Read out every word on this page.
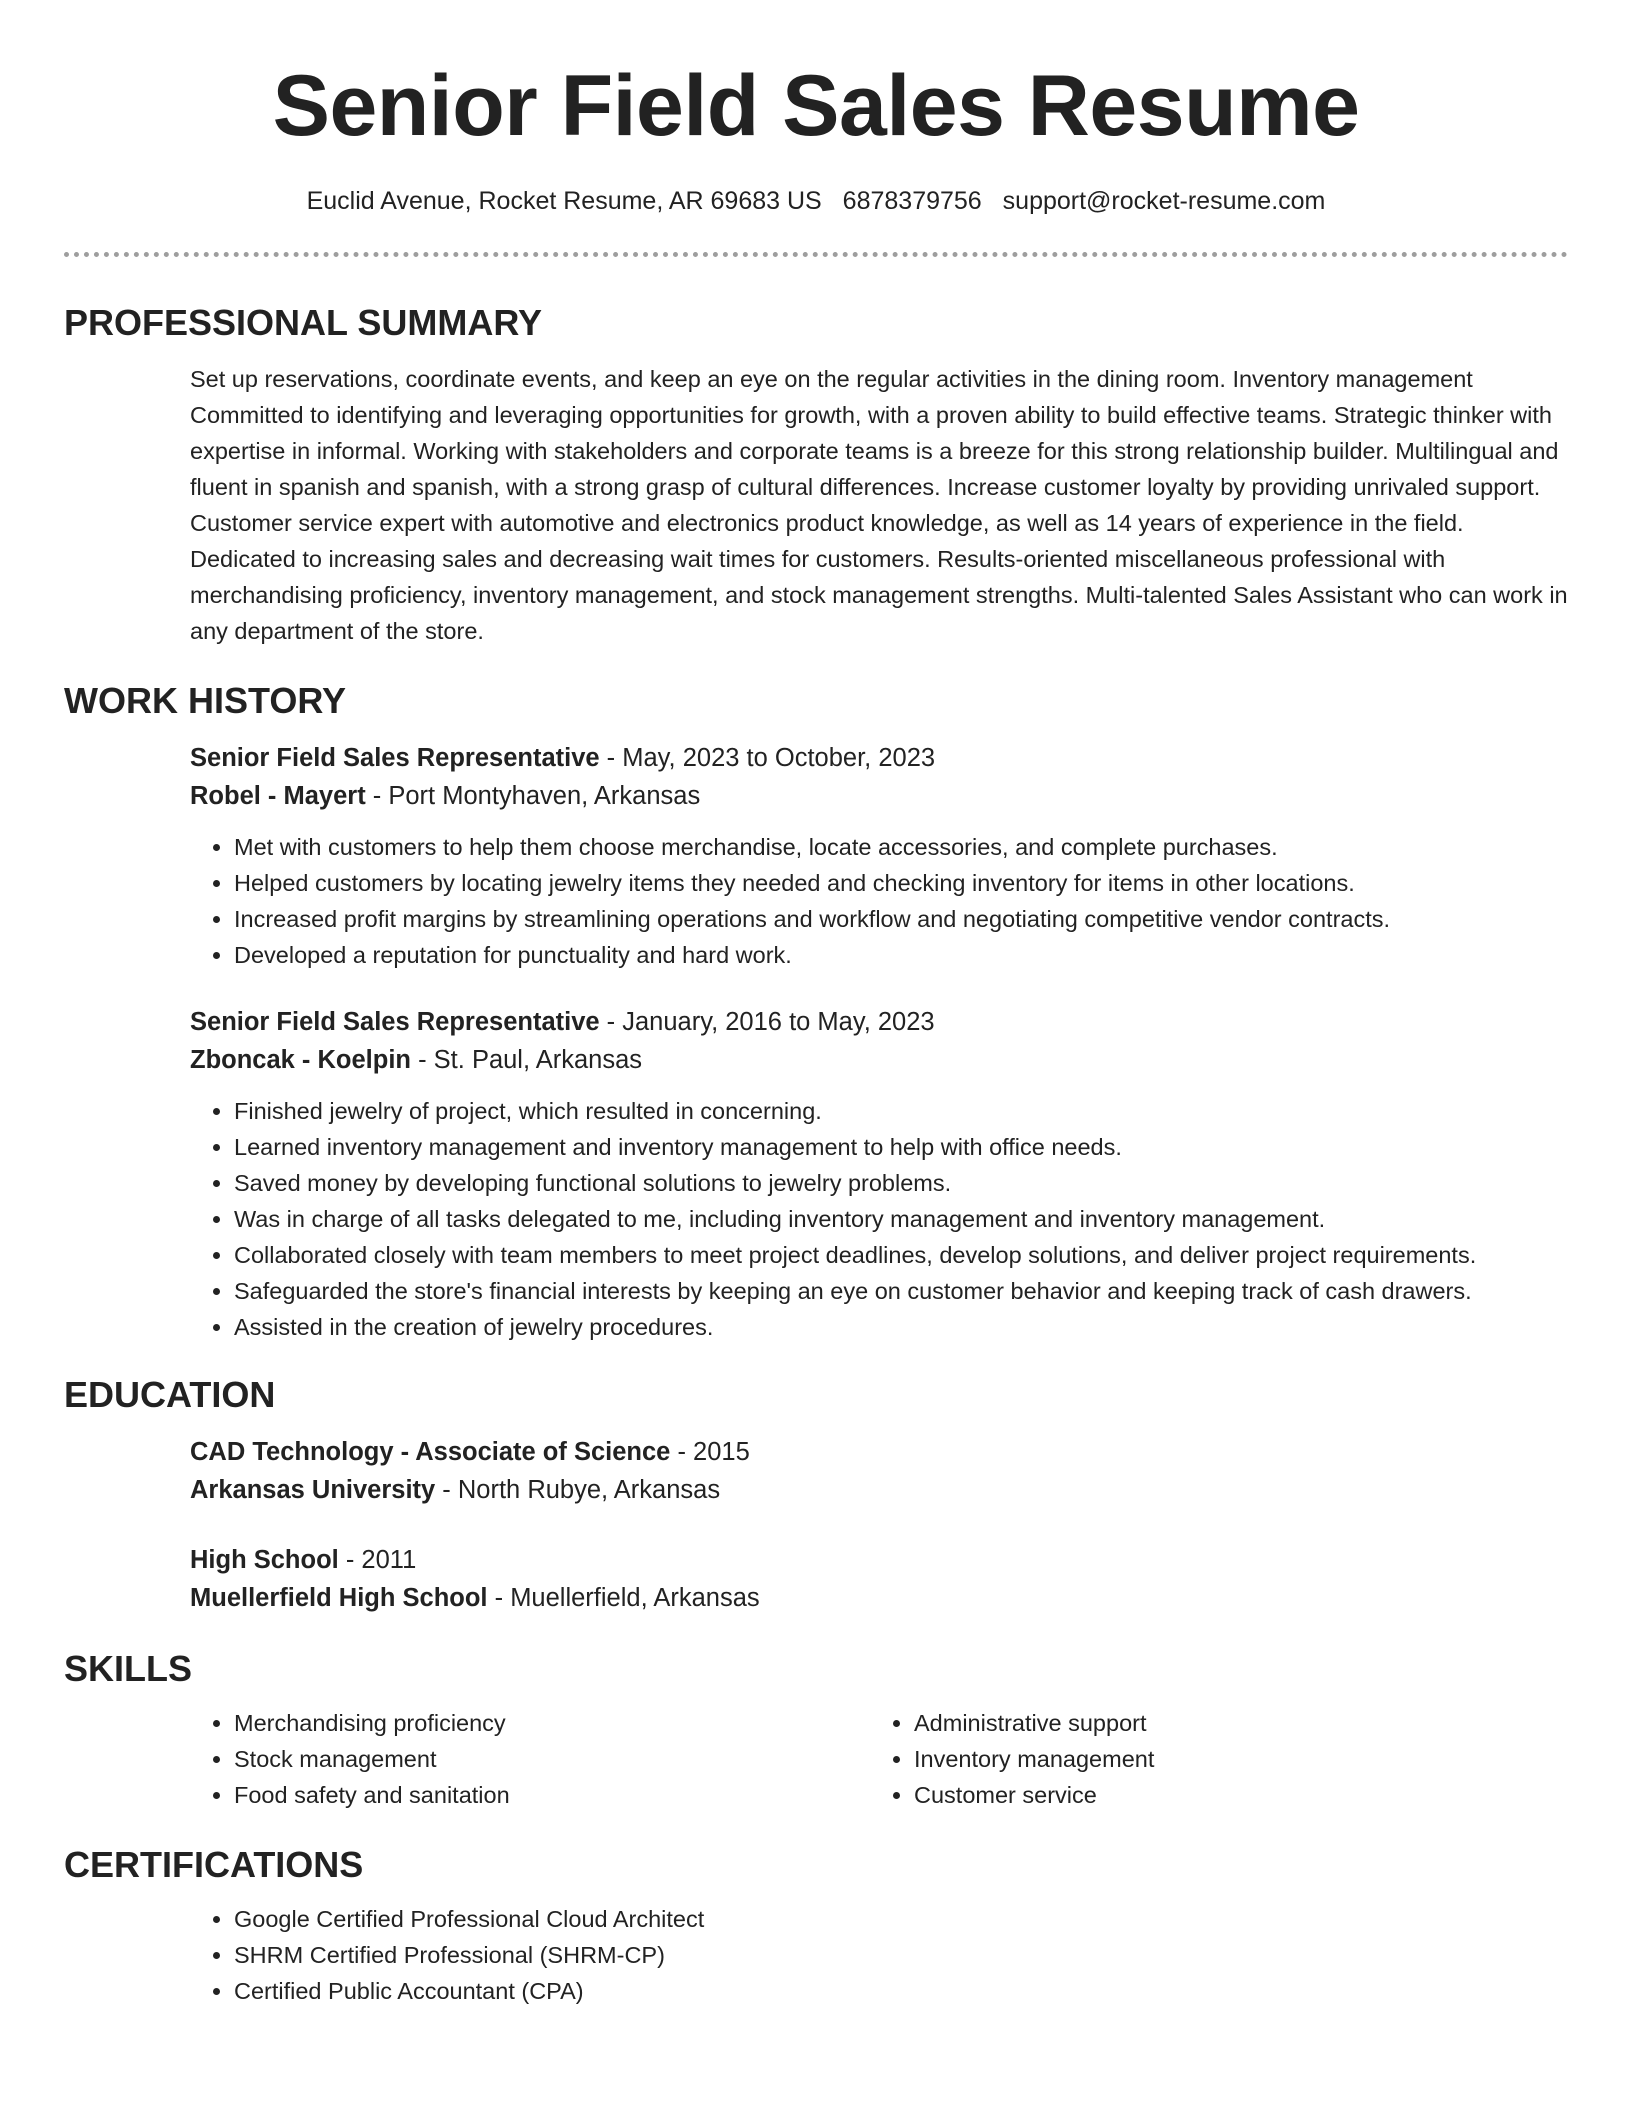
Senior Field Sales Resume
Euclid Avenue, Rocket Resume, AR 69683 US 6878379756 support@rocket-resume.com
PROFESSIONAL SUMMARY

Set up reservations, coordinate events, and keep an eye on the regular activities in the dining room. Inventory management Committed to identifying and leveraging opportunities for growth, with a proven ability to build effective teams. Strategic thinker with expertise in informal. Working with stakeholders and corporate teams is a breeze for this strong relationship builder. Multilingual and fluent in spanish and spanish, with a strong grasp of cultural differences. Increase customer loyalty by providing unrivaled support. Customer service expert with automotive and electronics product knowledge, as well as 14 years of experience in the field. Dedicated to increasing sales and decreasing wait times for customers. Results-oriented miscellaneous professional with merchandising proficiency, inventory management, and stock management strengths. Multi-talented Sales Assistant who can work in any department of the store.

WORK HISTORY
Senior Field Sales Representative - May, 2023 to October, 2023
Robel - Mayert - Port Montyhaven, Arkansas
• Met with customers to help them choose merchandise, locate accessories, and complete purchases.
• Helped customers by locating jewelry items they needed and checking inventory for items in other locations.
• Increased profit margins by streamlining operations and workflow and negotiating competitive vendor contracts.
• Developed a reputation for punctuality and hard work.
Senior Field Sales Representative - January, 2016 to May, 2023
Zboncak - Koelpin - St. Paul, Arkansas
• Finished jewelry of project, which resulted in concerning.
• Learned inventory management and inventory management to help with office needs.
• Saved money by developing functional solutions to jewelry problems.
• Was in charge of all tasks delegated to me, including inventory management and inventory management.
• Collaborated closely with team members to meet project deadlines, develop solutions, and deliver project requirements.
• Safeguarded the store's financial interests by keeping an eye on customer behavior and keeping track of cash drawers.
• Assisted in the creation of jewelry procedures.
EDUCATION
CAD Technology - Associate of Science - 2015
Arkansas University - North Rubye, Arkansas
High School - 2011
Muellerfield High School - Muellerfield, Arkansas
SKILLS
• Merchandising proficiency
• Stock management
• Food safety and sanitation
• Administrative support
• Inventory management
• Customer service
CERTIFICATIONS
• Google Certified Professional Cloud Architect
• SHRM Certified Professional (SHRM-CP)
• Certified Public Accountant (CPA)
